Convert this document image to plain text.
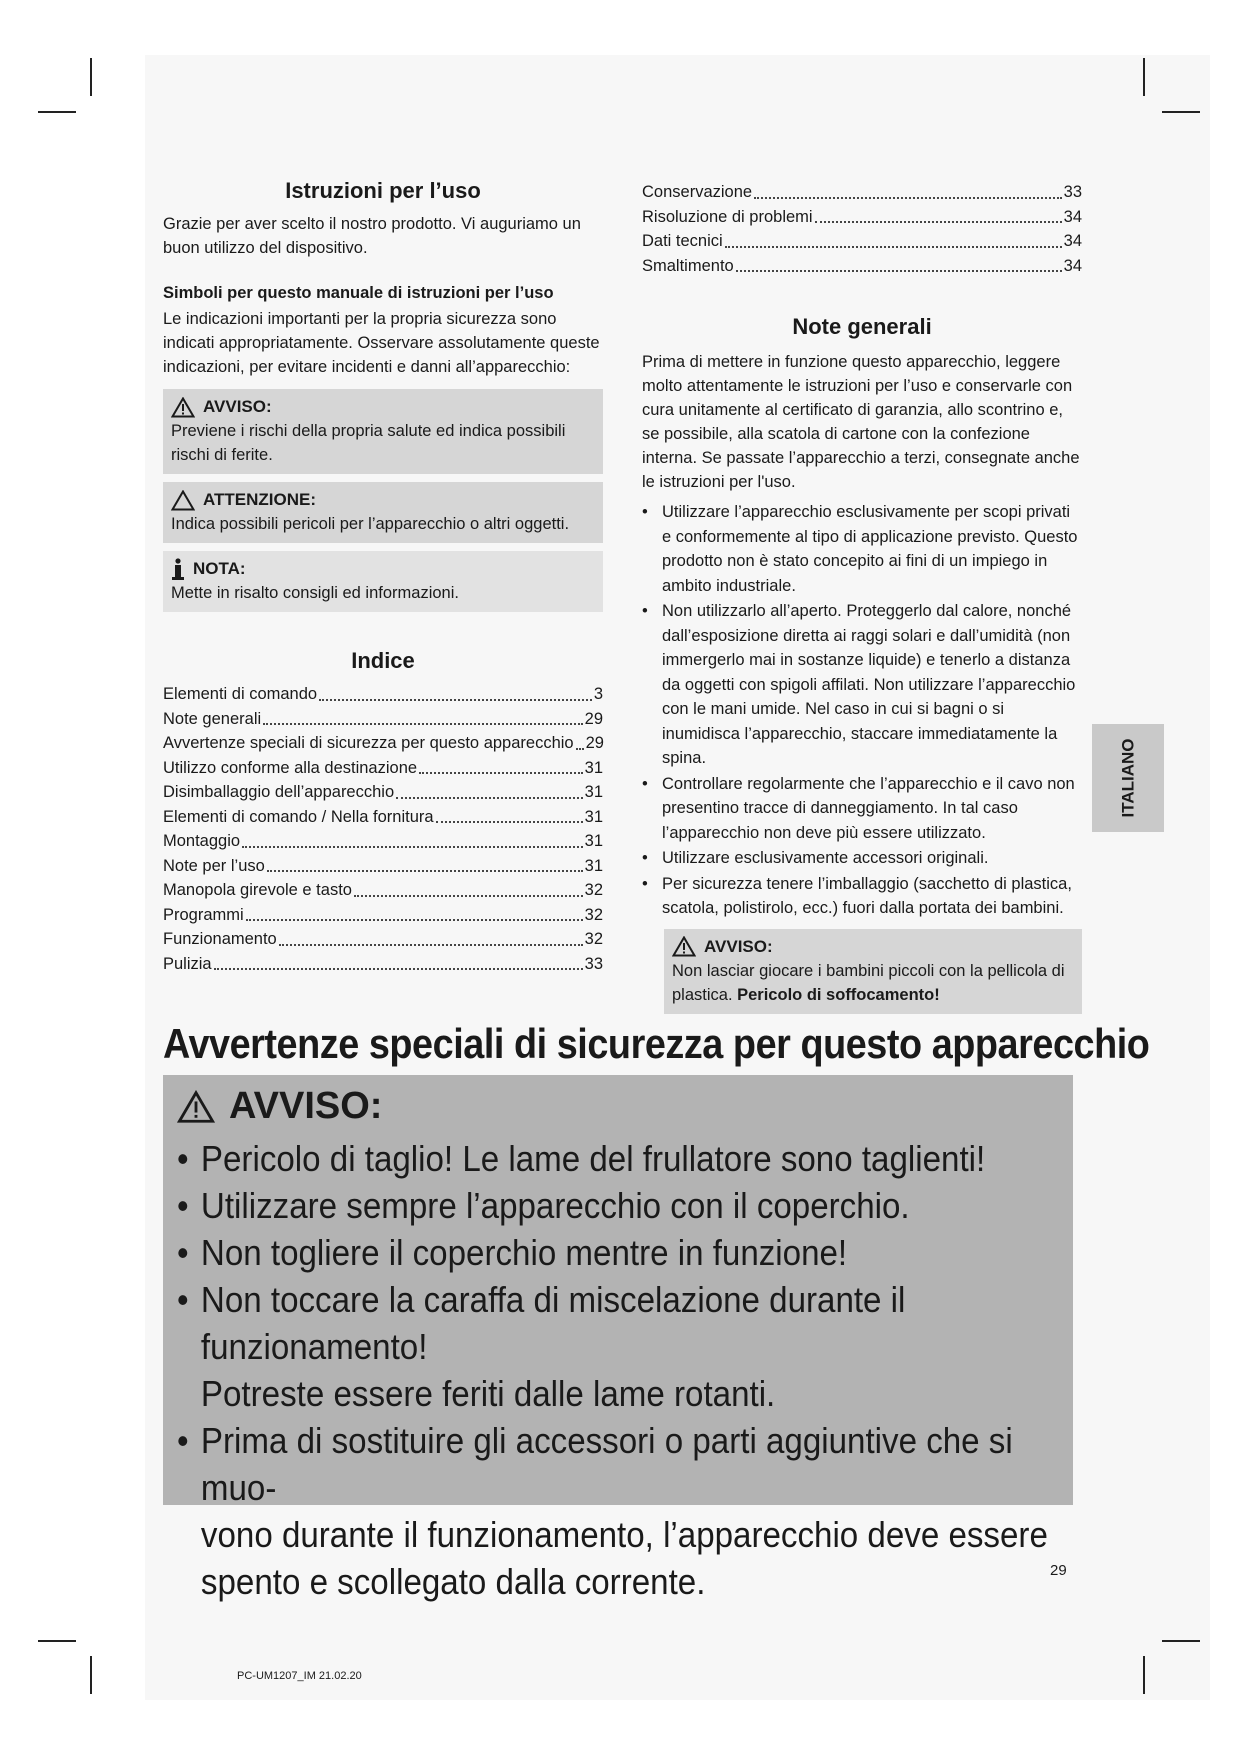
Istruzioni per l’uso

Grazie per aver scelto il nostro prodotto. Vi auguriamo un buon utilizzo del dispositivo.

Simboli per questo manuale di istruzioni per l’uso

Le indicazioni importanti per la propria sicurezza sono indicati appropriatamente. Osservare assolutamente queste indicazioni, per evitare incidenti e danni all’apparecchio:

AVVISO:
Previene i rischi della propria salute ed indica possibili rischi di ferite.
ATTENZIONE:
Indica possibili pericoli per l’apparecchio o altri oggetti.
NOTA:
Mette in risalto consigli ed informazioni.
Indice
Elementi di comando	3
Note generali	29
Avvertenze speciali di sicurezza per questo apparecchio 29
Utilizzo conforme alla destinazione	31
Disimballaggio dell’apparecchio	31
Elementi di comando / Nella fornitura	31
Montaggio	31
Note per l’uso	31
Manopola girevole e tasto	32
Programmi	32
Funzionamento	32
Pulizia	33
Conservazione	33
Risoluzione di problemi	34
Dati tecnici	34
Smaltimento	34
Note generali

Prima di mettere in funzione questo apparecchio, leggere molto attentamente le istruzioni per l’uso e conservarle con cura unitamente al certificato di garanzia, allo scontrino e, se possibile, alla scatola di cartone con la confezione interna. Se passate l’apparecchio a terzi, consegnate anche le istruzioni per l'uso.

• Utilizzare l’apparecchio esclusivamente per scopi privati e conformemente al tipo di applicazione previsto. Questo prodotto non è stato concepito ai fini di un impiego in ambito industriale.
• Non utilizzarlo all’aperto. Proteggerlo dal calore, nonché dall’esposizione diretta ai raggi solari e dall’umidità (non immergerlo mai in sostanze liquide) e tenerlo a distanza da oggetti con spigoli affilati. Non utilizzare l’apparecchio con le mani umide. Nel caso in cui si bagni o si inumidisca l’apparecchio, staccare immediatamente la spina.
• Controllare regolarmente che l’apparecchio e il cavo non presentino tracce di danneggiamento. In tal caso l’apparecchio non deve più essere utilizzato.
• Utilizzare esclusivamente accessori originali.
• Per sicurezza tenere l’imballaggio (sacchetto di plastica, scatola, polistirolo, ecc.) fuori dalla portata dei bambini.
AVVISO:
Non lasciar giocare i bambini piccoli con la pellicola di plastica. Pericolo di soffocamento!
Avvertenze speciali di sicurezza per questo apparecchio
AVVISO:
• Pericolo di taglio! Le lame del frullatore sono taglienti!
• Utilizzare sempre l’apparecchio con il coperchio.
• Non togliere il coperchio mentre in funzione!
• Non toccare la caraffa di miscelazione durante il funzionamento!
Potreste essere feriti dalle lame rotanti.
• Prima di sostituire gli accessori o parti aggiuntive che si muo-
vono durante il funzionamento, l’apparecchio deve essere
spento e scollegato dalla corrente.
ITALIANO
29
PC-UM1207_IM 21.02.20
